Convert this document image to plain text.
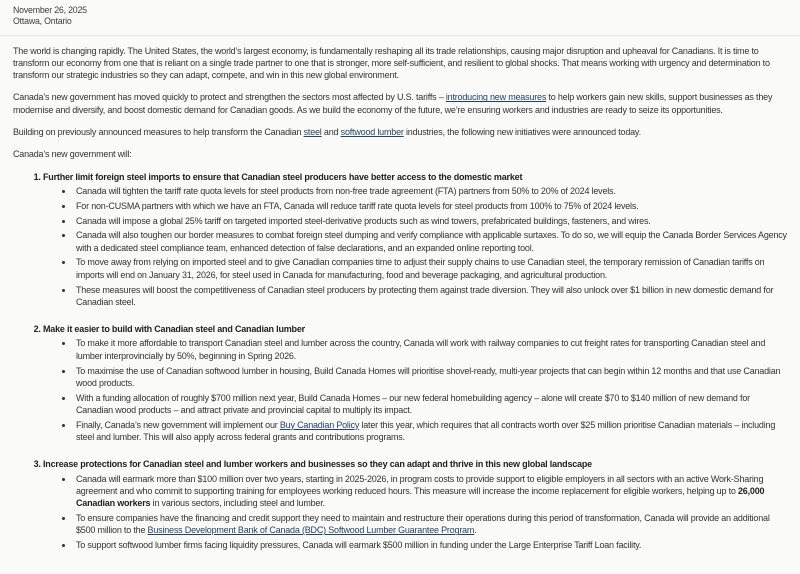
November 26, 2025
Ottawa, Ontario

The world is changing rapidly. The United States, the world’s largest economy, is fundamentally reshaping all its trade relationships, causing major disruption and upheaval for Canadians. It is time to transform our economy from one that is reliant on a single trade partner to one that is stronger, more self-sufficient, and resilient to global shocks. That means working with urgency and determination to transform our strategic industries so they can adapt, compete, and win in this new global environment.

Canada’s new government has moved quickly to protect and strengthen the sectors most affected by U.S. tariffs – introducing new measures to help workers gain new skills, support businesses as they modernise and diversify, and boost domestic demand for Canadian goods. As we build the economy of the future, we’re ensuring workers and industries are ready to seize its opportunities.

Building on previously announced measures to help transform the Canadian steel and softwood lumber industries, the following new initiatives were announced today.

Canada’s new government will:

1. Further limit foreign steel imports to ensure that Canadian steel producers have better access to the domestic market
• Canada will tighten the tariff rate quota levels for steel products from non-free trade agreement (FTA) partners from 50% to 20% of 2024 levels.
• For non-CUSMA partners with which we have an FTA, Canada will reduce tariff rate quota levels for steel products from 100% to 75% of 2024 levels.
• Canada will impose a global 25% tariff on targeted imported steel-derivative products such as wind towers, prefabricated buildings, fasteners, and wires.
• Canada will also toughen our border measures to combat foreign steel dumping and verify compliance with applicable surtaxes. To do so, we will equip the Canada Border Services Agency with a dedicated steel compliance team, enhanced detection of false declarations, and an expanded online reporting tool.
• To move away from relying on imported steel and to give Canadian companies time to adjust their supply chains to use Canadian steel, the temporary remission of Canadian tariffs on imports will end on January 31, 2026, for steel used in Canada for manufacturing, food and beverage packaging, and agricultural production.
• These measures will boost the competitiveness of Canadian steel producers by protecting them against trade diversion. They will also unlock over $1 billion in new domestic demand for Canadian steel.
2. Make it easier to build with Canadian steel and Canadian lumber
• To make it more affordable to transport Canadian steel and lumber across the country, Canada will work with railway companies to cut freight rates for transporting Canadian steel and lumber interprovincially by 50%, beginning in Spring 2026.
• To maximise the use of Canadian softwood lumber in housing, Build Canada Homes will prioritise shovel-ready, multi-year projects that can begin within 12 months and that use Canadian wood products.
• With a funding allocation of roughly $700 million next year, Build Canada Homes – our new federal homebuilding agency – alone will create $70 to $140 million of new demand for Canadian wood products – and attract private and provincial capital to multiply its impact.
• Finally, Canada’s new government will implement our Buy Canadian Policy later this year, which requires that all contracts worth over $25 million prioritise Canadian materials – including steel and lumber. This will also apply across federal grants and contributions programs.
3. Increase protections for Canadian steel and lumber workers and businesses so they can adapt and thrive in this new global landscape
• Canada will earmark more than $100 million over two years, starting in 2025-2026, in program costs to provide support to eligible employers in all sectors with an active Work-Sharing agreement and who commit to supporting training for employees working reduced hours. This measure will increase the income replacement for eligible workers, helping up to 26,000 Canadian workers in various sectors, including steel and lumber.
• To ensure companies have the financing and credit support they need to maintain and restructure their operations during this period of transformation, Canada will provide an additional $500 million to the Business Development Bank of Canada (BDC) Softwood Lumber Guarantee Program.
• To support softwood lumber firms facing liquidity pressures, Canada will earmark $500 million in funding under the Large Enterprise Tariff Loan facility.
